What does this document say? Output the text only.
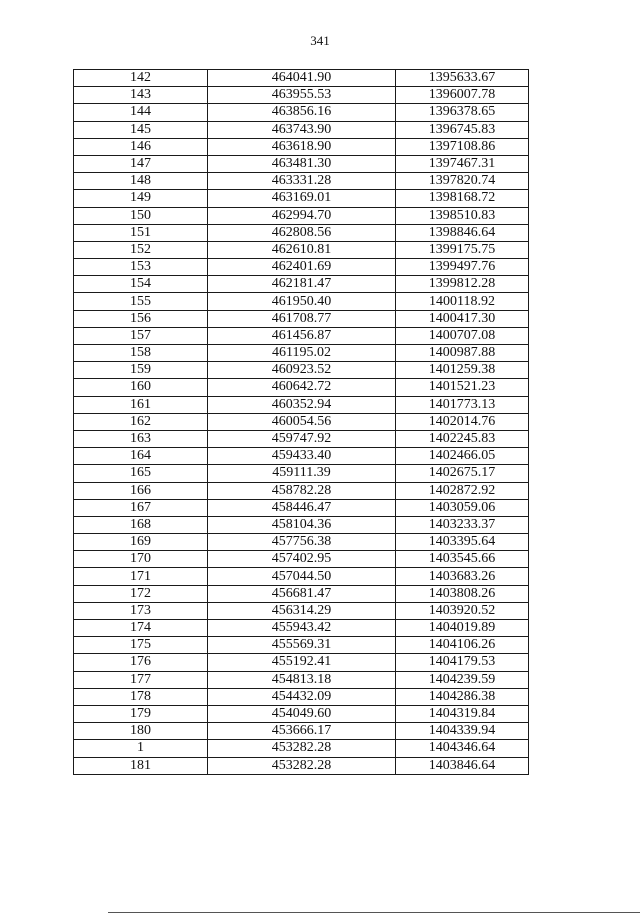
341
142	464041.90	1395633.67
143	463955.53	1396007.78
144	463856.16	1396378.65
145	463743.90	1396745.83
146	463618.90	1397108.86
147	463481.30	1397467.31
148	463331.28	1397820.74
149	463169.01	1398168.72
150	462994.70	1398510.83
151	462808.56	1398846.64
152	462610.81	1399175.75
153	462401.69	1399497.76
154	462181.47	1399812.28
155	461950.40	1400118.92
156	461708.77	1400417.30
157	461456.87	1400707.08
158	461195.02	1400987.88
159	460923.52	1401259.38
160	460642.72	1401521.23
161	460352.94	1401773.13
162	460054.56	1402014.76
163	459747.92	1402245.83
164	459433.40	1402466.05
165	459111.39	1402675.17
166	458782.28	1402872.92
167	458446.47	1403059.06
168	458104.36	1403233.37
169	457756.38	1403395.64
170	457402.95	1403545.66
171	457044.50	1403683.26
172	456681.47	1403808.26
173	456314.29	1403920.52
174	455943.42	1404019.89
175	455569.31	1404106.26
176	455192.41	1404179.53
177	454813.18	1404239.59
178	454432.09	1404286.38
179	454049.60	1404319.84
180	453666.17	1404339.94
1	453282.28	1404346.64
181	453282.28	1403846.64
